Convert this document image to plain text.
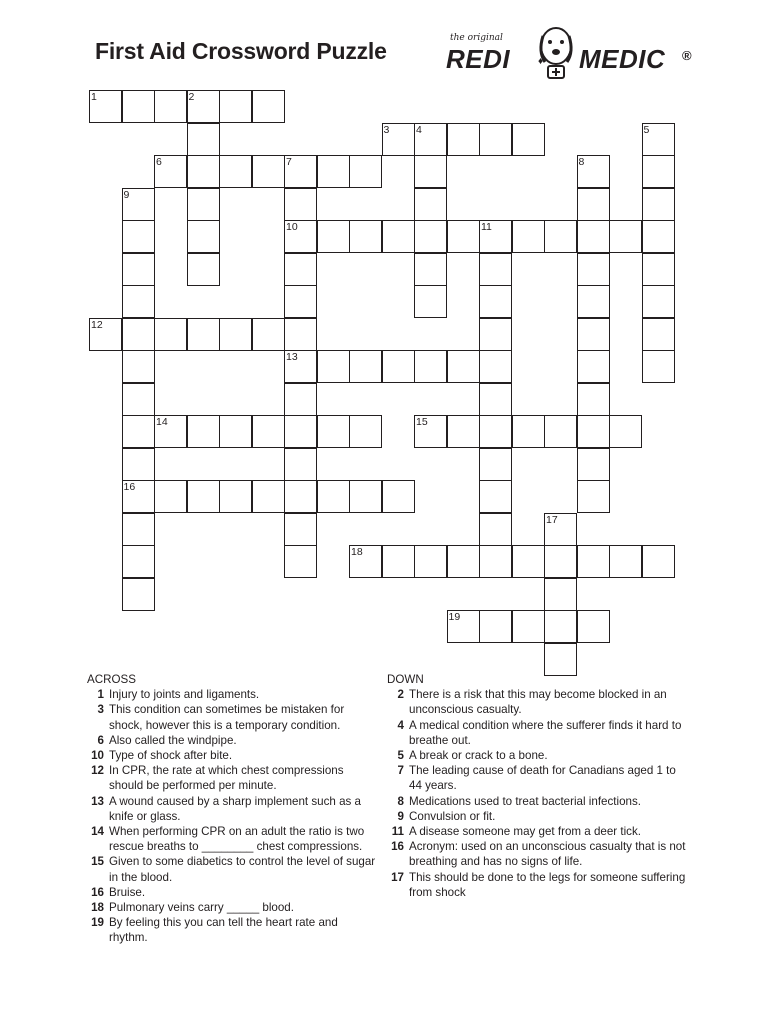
First Aid Crossword Puzzle	the original
REDI	♦ MEDIC ®
1	2
3	4	5
6	7	8
9
10	11
12
13
14	15
16
17
18
19
ACROSS
1 Injury to joints and ligaments.
3 This condition can sometimes be mistaken for shock, however this is a temporary condition.
6 Also called the windpipe.
10 Type of shock after bite.
12 In CPR, the rate at which chest compressions should be performed per minute.
13 A wound caused by a sharp implement such as a knife or glass.
14 When performing CPR on an adult the ratio is two rescue breaths to ________ chest compressions.
15 Given to some diabetics to control the level of sugar in the blood.
16 Bruise.
18 Pulmonary veins carry _____ blood.
19 By feeling this you can tell the heart rate and rhythm.
DOWN
2 There is a risk that this may become blocked in an unconscious casualty.
4 A medical condition where the sufferer finds it hard to breathe out.
5 A break or crack to a bone.
7 The leading cause of death for Canadians aged 1 to 44 years.
8 Medications used to treat bacterial infections.
9 Convulsion or fit.
11 A disease someone may get from a deer tick.
16 Acronym: used on an unconscious casualty that is not breathing and has no signs of life.
17 This should be done to the legs for someone suffering from shock
